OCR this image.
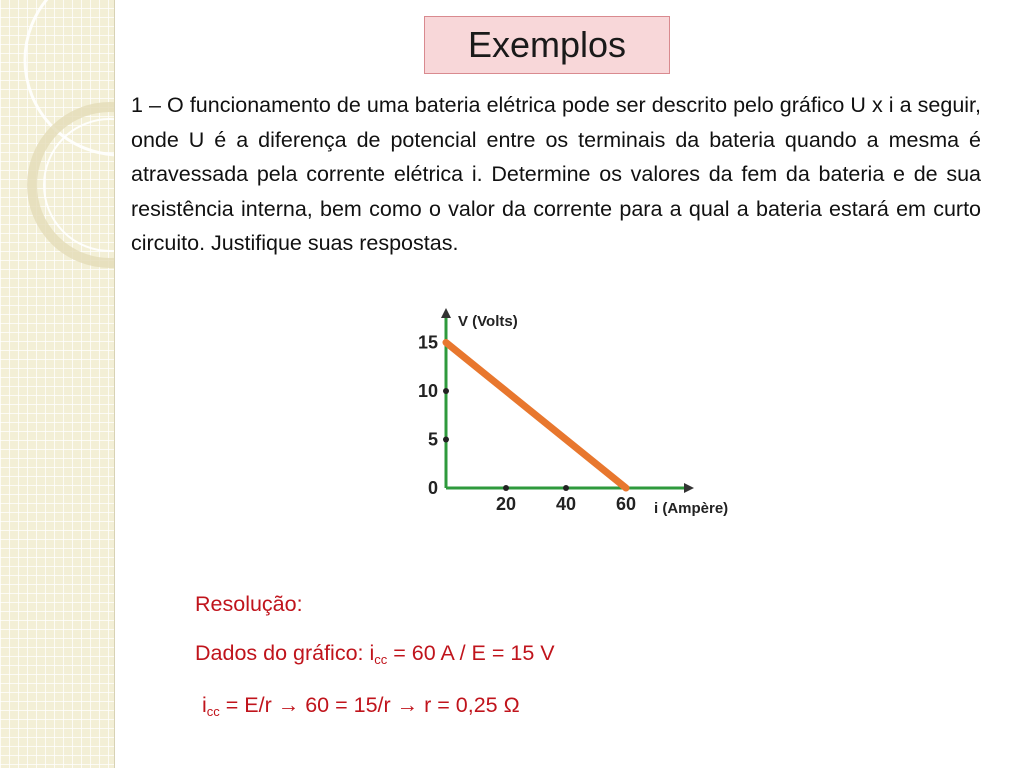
Exemplos

1 – O funcionamento de uma bateria elétrica pode ser descrito pelo gráfico U x i a seguir, onde U é a diferença de potencial entre os terminais da bateria quando a mesma é atravessada pela corrente elétrica i. Determine os valores da fem da bateria e de sua resistência interna, bem como o valor da corrente para a qual a bateria estará em curto circuito. Justifique suas respostas.

V (Volts)
i (Ampère)
0
5
10
15
20 40 60

Resolução:

Dados do gráfico: $i_{cc} = 60$ A / E = 15 V

$i_{cc} = E/r \to 60 = 15/r \to r = 0,25$ Ω
